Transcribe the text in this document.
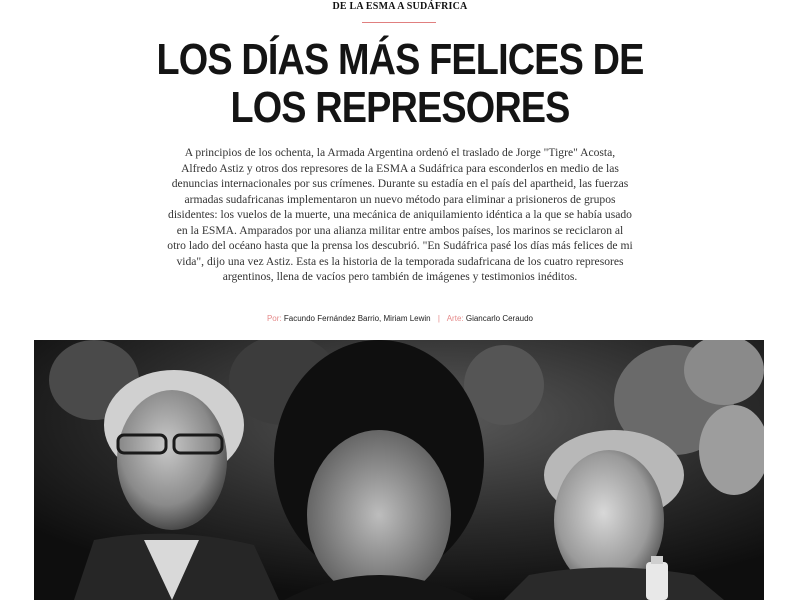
DE LA ESMA A SUDÁFRICA
LOS DÍAS MÁS FELICES DE
LOS REPRESORES

A principios de los ochenta, la Armada Argentina ordenó el traslado de Jorge "Tigre" Acosta, Alfredo Astiz y otros dos represores de la ESMA a Sudáfrica para esconderlos en medio de las denuncias internacionales por sus crímenes. Durante su estadía en el país del apartheid, las fuerzas armadas sudafricanas implementaron un nuevo método para eliminar a prisioneros de grupos disidentes: los vuelos de la muerte, una mecánica de aniquilamiento idéntica a la que se había usado en la ESMA. Amparados por una alianza militar entre ambos países, los marinos se reciclaron al otro lado del océano hasta que la prensa los descubrió. "En Sudáfrica pasé los días más felices de mi vida", dijo una vez Astiz. Esta es la historia de la temporada sudafricana de los cuatro represores argentinos, llena de vacíos pero también de imágenes y testimonios inéditos.

Por: Facundo Fernández Barrio, Miriam Lewin | Arte: Giancarlo Ceraudo
